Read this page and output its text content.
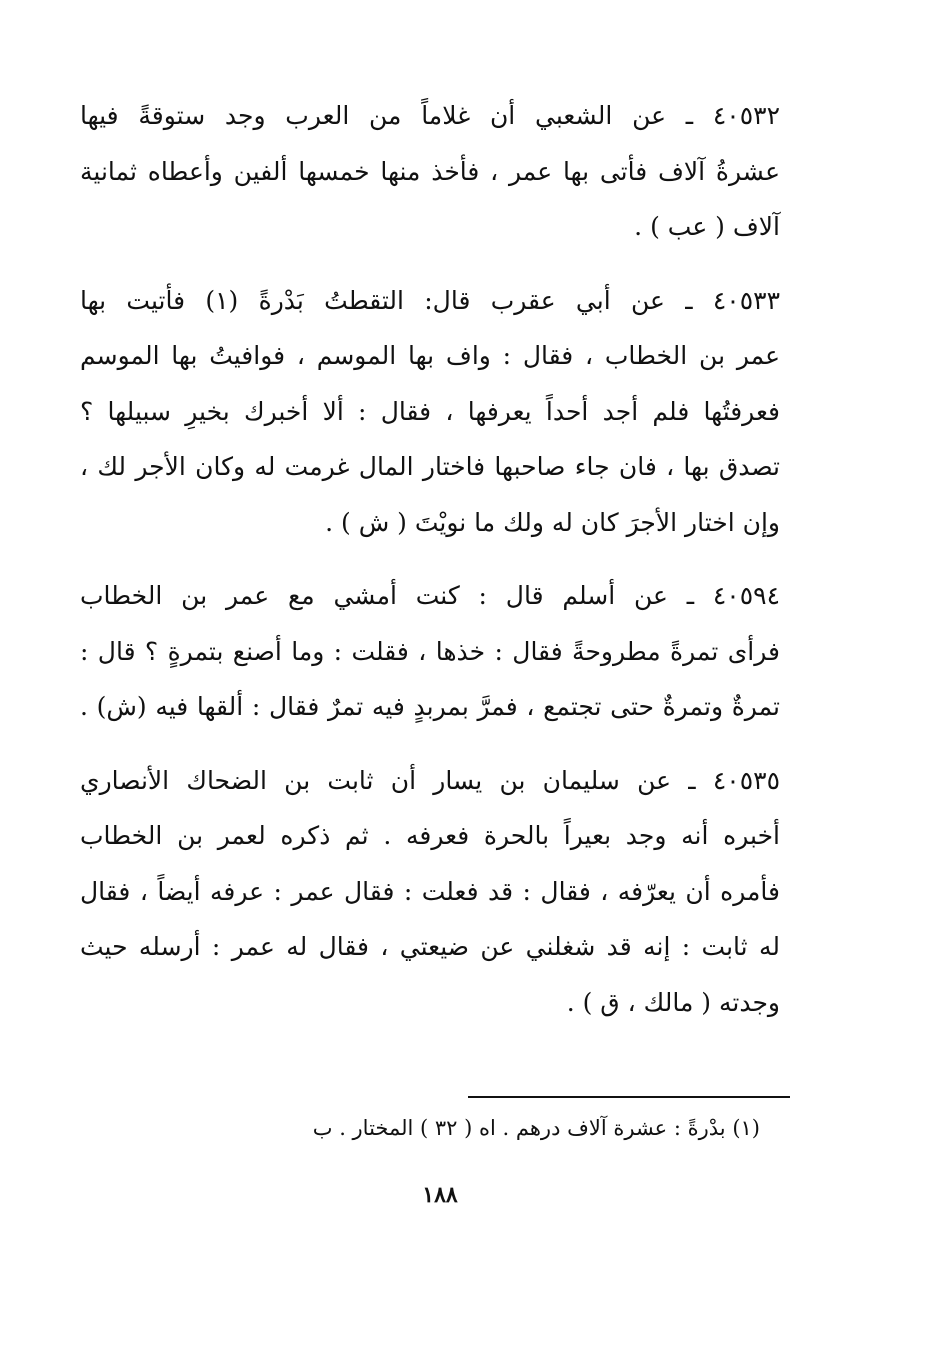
٤٠٥٣٢ ـ عن الشعبي أن غلاماً من العرب وجد ستوقةً فيها
عشرةُ آلاف فأتى بها عمر ، فأخذ منها خمسها ألفين وأعطاه ثمانية
آلاف ( عب ) .
٤٠٥٣٣ ـ عن أبي عقرب قال: التقطتُ بَدْرةً (١) فأتيت بها
عمر بن الخطاب ، فقال : واف بها الموسم ، فوافيتُ بها الموسم
فعرفتُها فلم أجد أحداً يعرفها ، فقال : ألا أخبرك بخيرِ سبيلها ؟
تصدق بها ، فان جاء صاحبها فاختار المال غرمت له وكان الأجر لك ،
وإن اختار الأجرَ كان له ولك ما نويْتَ ( ش ) .
٤٠٥٩٤ ـ عن أسلم قال : كنت أمشي مع عمر بن الخطاب
فرأى تمرةً مطروحةً فقال : خذها ، فقلت : وما أصنع بتمرةٍ ؟ قال :
تمرةٌ وتمرةٌ حتى تجتمع ، فمرَّ بمربدٍ فيه تمرٌ فقال : ألقها فيه (ش) .
٤٠٥٣٥ ـ عن سليمان بن يسار أن ثابت بن الضحاك الأنصاري
أخبره أنه وجد بعيراً بالحرة فعرفه . ثم ذكره لعمر بن الخطاب
فأمره أن يعرّفه ، فقال : قد فعلت : فقال عمر : عرفه أيضاً ، فقال
له ثابت : إنه قد شغلني عن ضيعتي ، فقال له عمر : أرسله حيث
وجدته ( مالك ، ق ) .
(١) بدْرةً : عشرة آلاف درهم . اه ( ٣٢ ) المختار . ب
١٨٨
